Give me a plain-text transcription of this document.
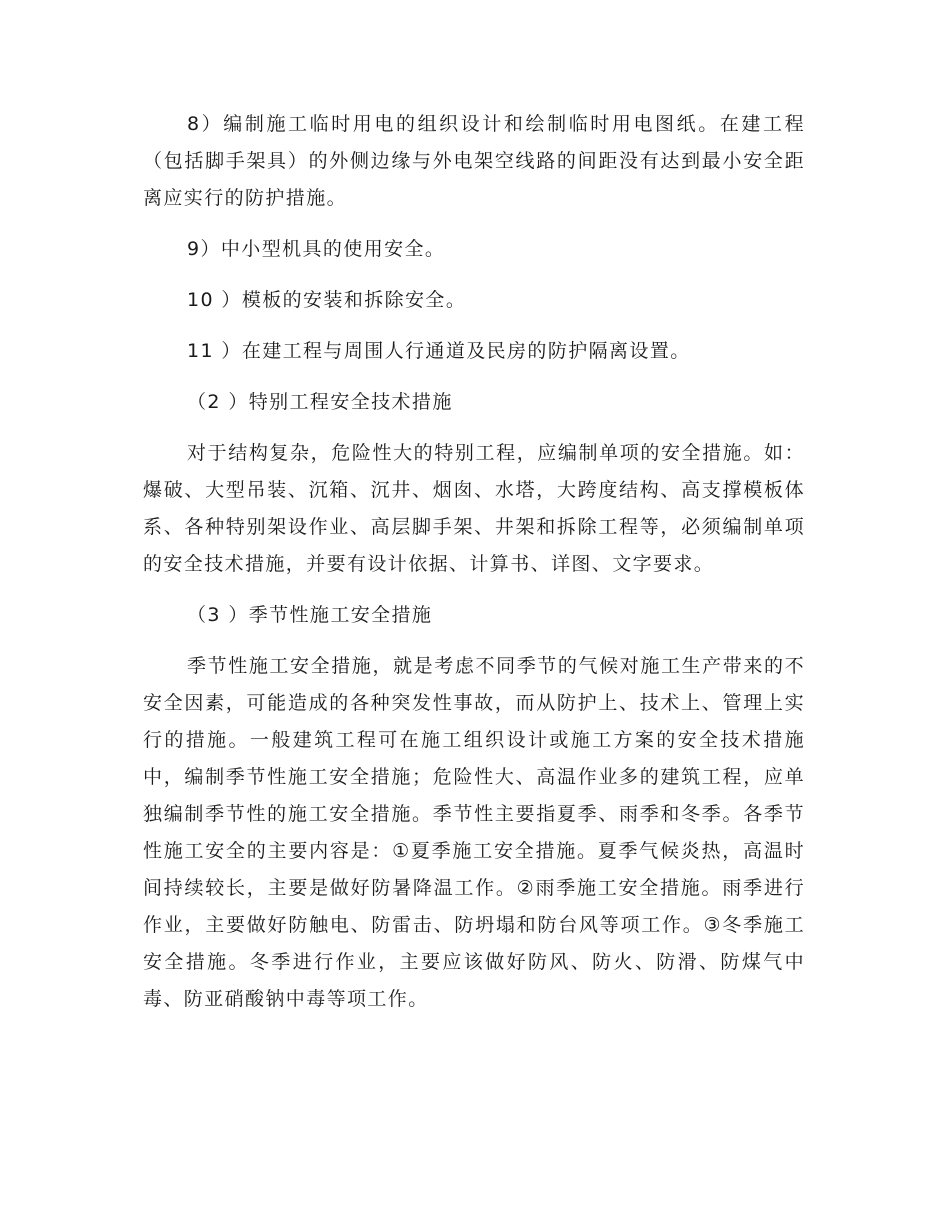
8）编制施工临时用电的组织设计和绘制临时用电图纸。在建工程（包括脚手架具）的外侧边缘与外电架空线路的间距没有达到最小安全距离应实行的防护措施。

9）中小型机具的使用安全。

10 ）模板的安装和拆除安全。

11 ）在建工程与周围人行通道及民房的防护隔离设置。

（2 ）特别工程安全技术措施

对于结构复杂，危险性大的特别工程，应编制单项的安全措施。如：爆破、大型吊装、沉箱、沉井、烟囱、水塔，大跨度结构、高支撑模板体系、各种特别架设作业、高层脚手架、井架和拆除工程等，必须编制单项的安全技术措施，并要有设计依据、计算书、详图、文字要求。

（3 ）季节性施工安全措施

季节性施工安全措施，就是考虑不同季节的气候对施工生产带来的不安全因素，可能造成的各种突发性事故，而从防护上、技术上、管理上实行的措施。一般建筑工程可在施工组织设计或施工方案的安全技术措施中，编制季节性施工安全措施；危险性大、高温作业多的建筑工程，应单独编制季节性的施工安全措施。季节性主要指夏季、雨季和冬季。各季节性施工安全的主要内容是：①夏季施工安全措施。夏季气候炎热，高温时间持续较长，主要是做好防暑降温工作。②雨季施工安全措施。雨季进行作业，主要做好防触电、防雷击、防坍塌和防台风等项工作。③冬季施工安全措施。冬季进行作业，主要应该做好防风、防火、防滑、防煤气中毒、防亚硝酸钠中毒等项工作。
